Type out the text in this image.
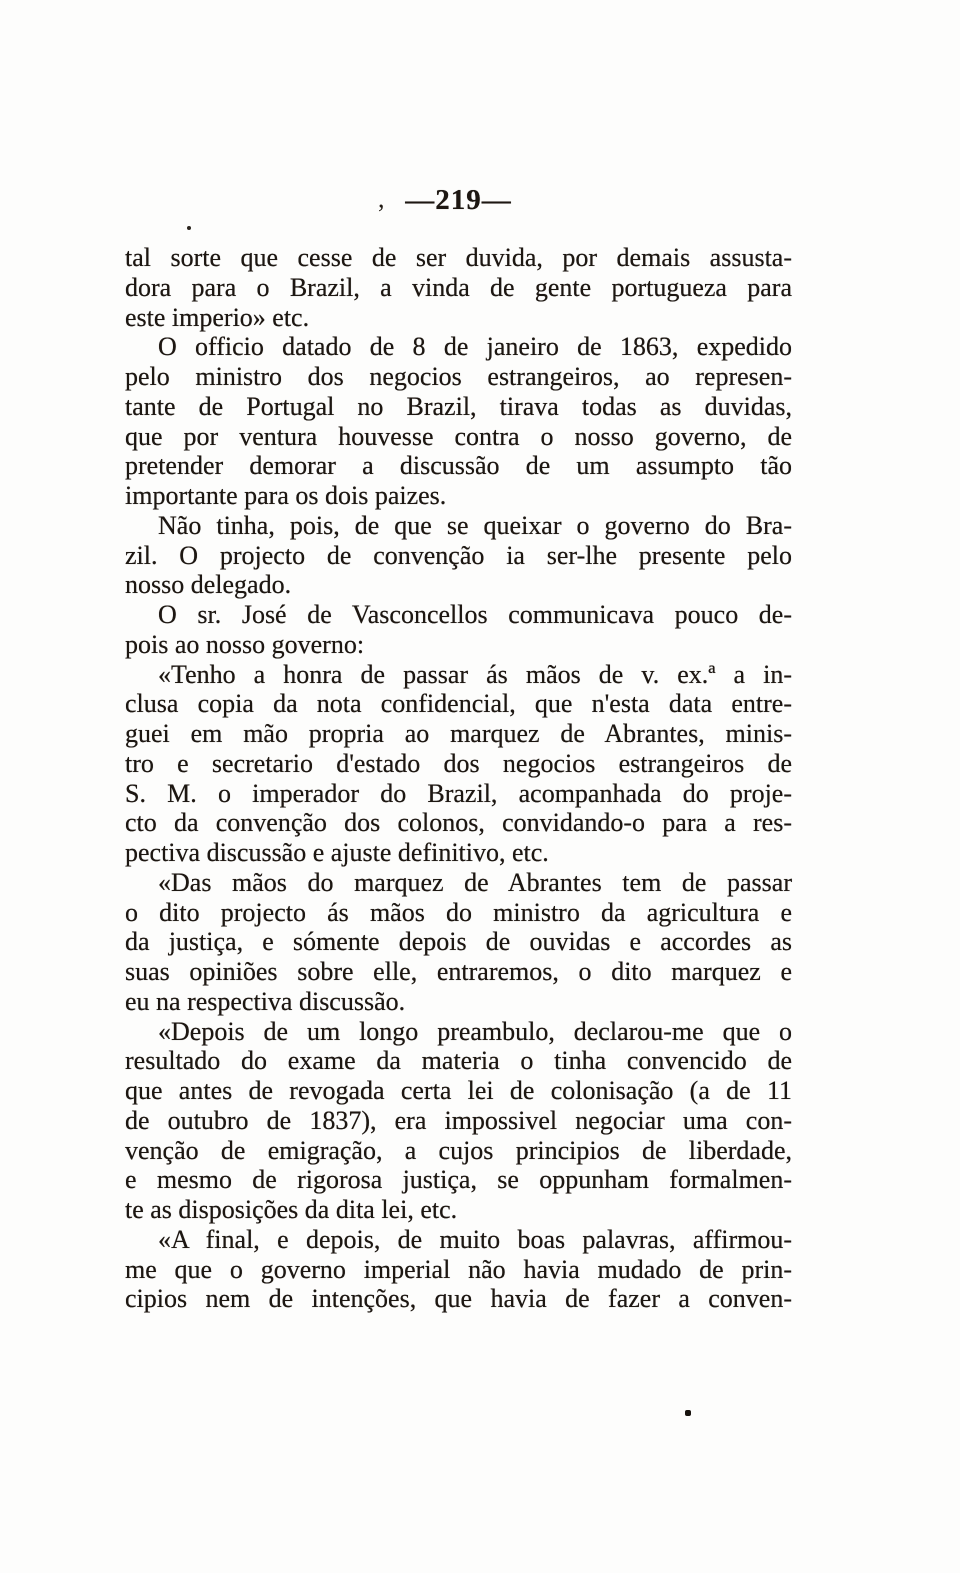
, —219—
tal sorte que cesse de ser duvida, por demais assusta-
dora para o Brazil, a vinda de gente portugueza para
este imperio» etc.
O officio datado de 8 de janeiro de 1863, expedido
pelo ministro dos negocios estrangeiros, ao represen-
tante de Portugal no Brazil, tirava todas as duvidas,
que por ventura houvesse contra o nosso governo, de
pretender demorar a discussão de um assumpto tão
importante para os dois paizes.
Não tinha, pois, de que se queixar o governo do Bra-
zil. O projecto de convenção ia ser-lhe presente pelo
nosso delegado.
O sr. José de Vasconcellos communicava pouco de-
pois ao nosso governo:
«Tenho a honra de passar ás mãos de v. ex.ª a in-
clusa copia da nota confidencial, que n'esta data entre-
guei em mão propria ao marquez de Abrantes, minis-
tro e secretario d'estado dos negocios estrangeiros de
S. M. o imperador do Brazil, acompanhada do proje-
cto da convenção dos colonos, convidando-o para a res-
pectiva discussão e ajuste definitivo, etc.
«Das mãos do marquez de Abrantes tem de passar
o dito projecto ás mãos do ministro da agricultura e
da justiça, e sómente depois de ouvidas e accordes as
suas opiniões sobre elle, entraremos, o dito marquez e
eu na respectiva discussão.
«Depois de um longo preambulo, declarou-me que o
resultado do exame da materia o tinha convencido de
que antes de revogada certa lei de colonisação (a de 11
de outubro de 1837), era impossivel negociar uma con-
venção de emigração, a cujos principios de liberdade,
e mesmo de rigorosa justiça, se oppunham formalmen-
te as disposições da dita lei, etc.
«A final, e depois, de muito boas palavras, affirmou-
me que o governo imperial não havia mudado de prin-
cipios nem de intenções, que havia de fazer a conven-
